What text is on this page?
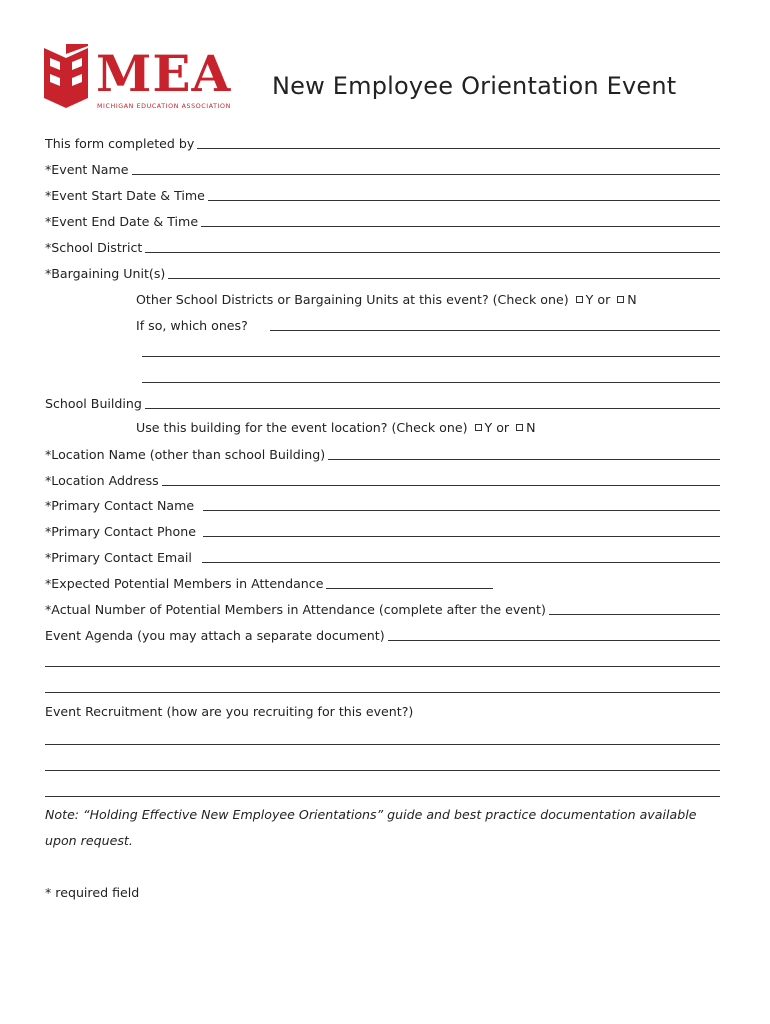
MEA
MICHIGAN EDUCATION ASSOCIATION
New Employee Orientation Event
This form completed by
*Event Name
*Event Start Date & Time
*Event End Date & Time
*School District
*Bargaining Unit(s)
Other School Districts or Bargaining Units at this event? (Check one) Y or N
If so, which ones?
School Building
Use this building for the event location? (Check one) Y or N
*Location Name (other than school Building)
*Location Address
*Primary Contact Name
*Primary Contact Phone
*Primary Contact Email
*Expected Potential Members in Attendance
*Actual Number of Potential Members in Attendance (complete after the event)
Event Agenda (you may attach a separate document)
Event Recruitment (how are you recruiting for this event?)
Note: “Holding Effective New Employee Orientations” guide and best practice documentation available
upon request.
* required field
